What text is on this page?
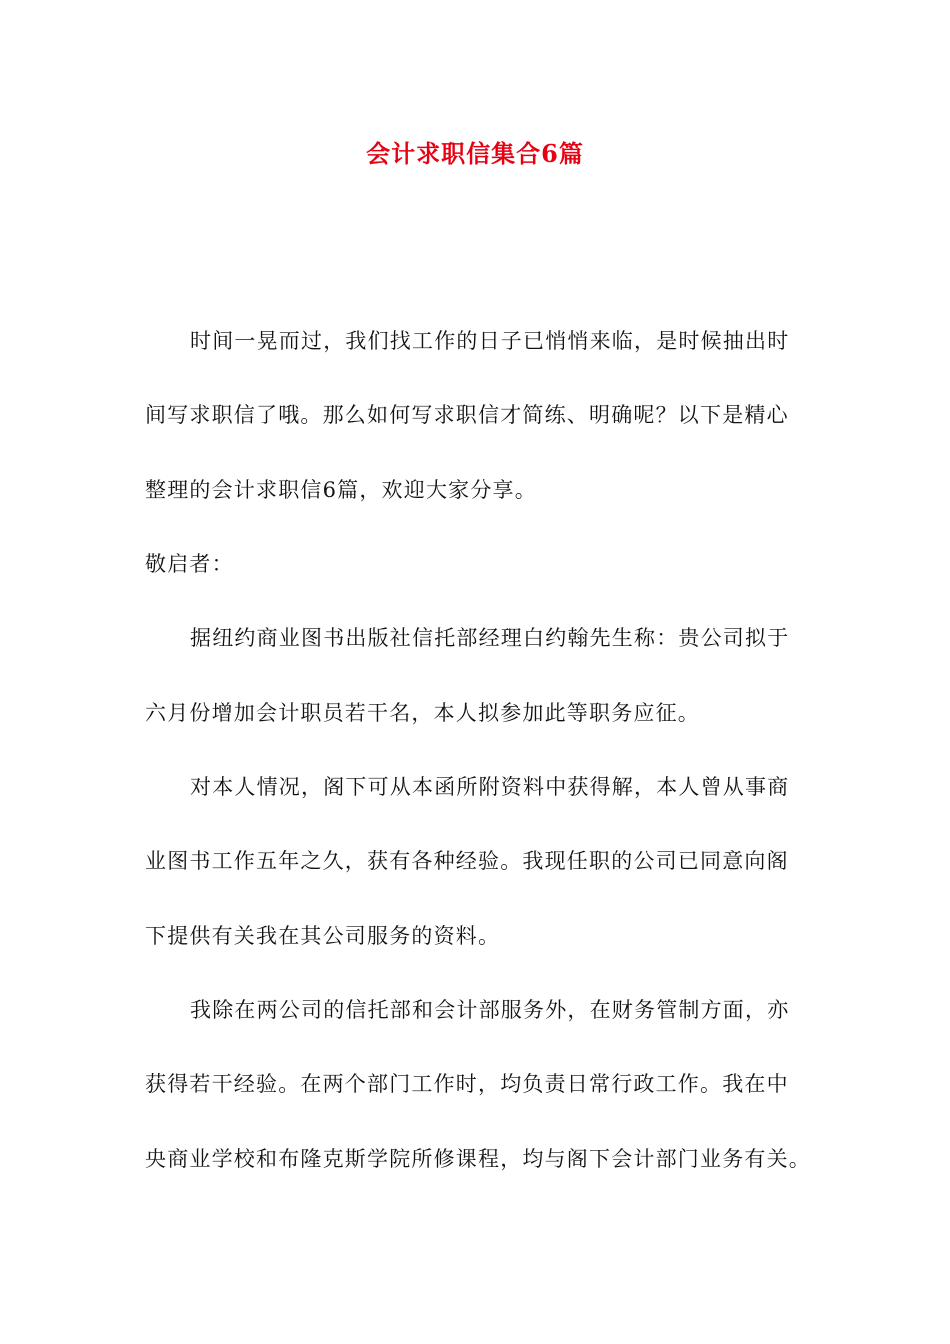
会计求职信集合6篇
时间一晃而过，我们找工作的日子已悄悄来临，是时候抽出时
间写求职信了哦。那么如何写求职信才简练、明确呢？以下是精心
整理的会计求职信6篇，欢迎大家分享。
敬启者：
据纽约商业图书出版社信托部经理白约翰先生称：贵公司拟于
六月份增加会计职员若干名，本人拟参加此等职务应征。
对本人情况，阁下可从本函所附资料中获得解，本人曾从事商
业图书工作五年之久，获有各种经验。我现任职的公司已同意向阁
下提供有关我在其公司服务的资料。
我除在两公司的信托部和会计部服务外，在财务管制方面，亦
获得若干经验。在两个部门工作时，均负责日常行政工作。我在中
央商业学校和布隆克斯学院所修课程，均与阁下会计部门业务有关。
